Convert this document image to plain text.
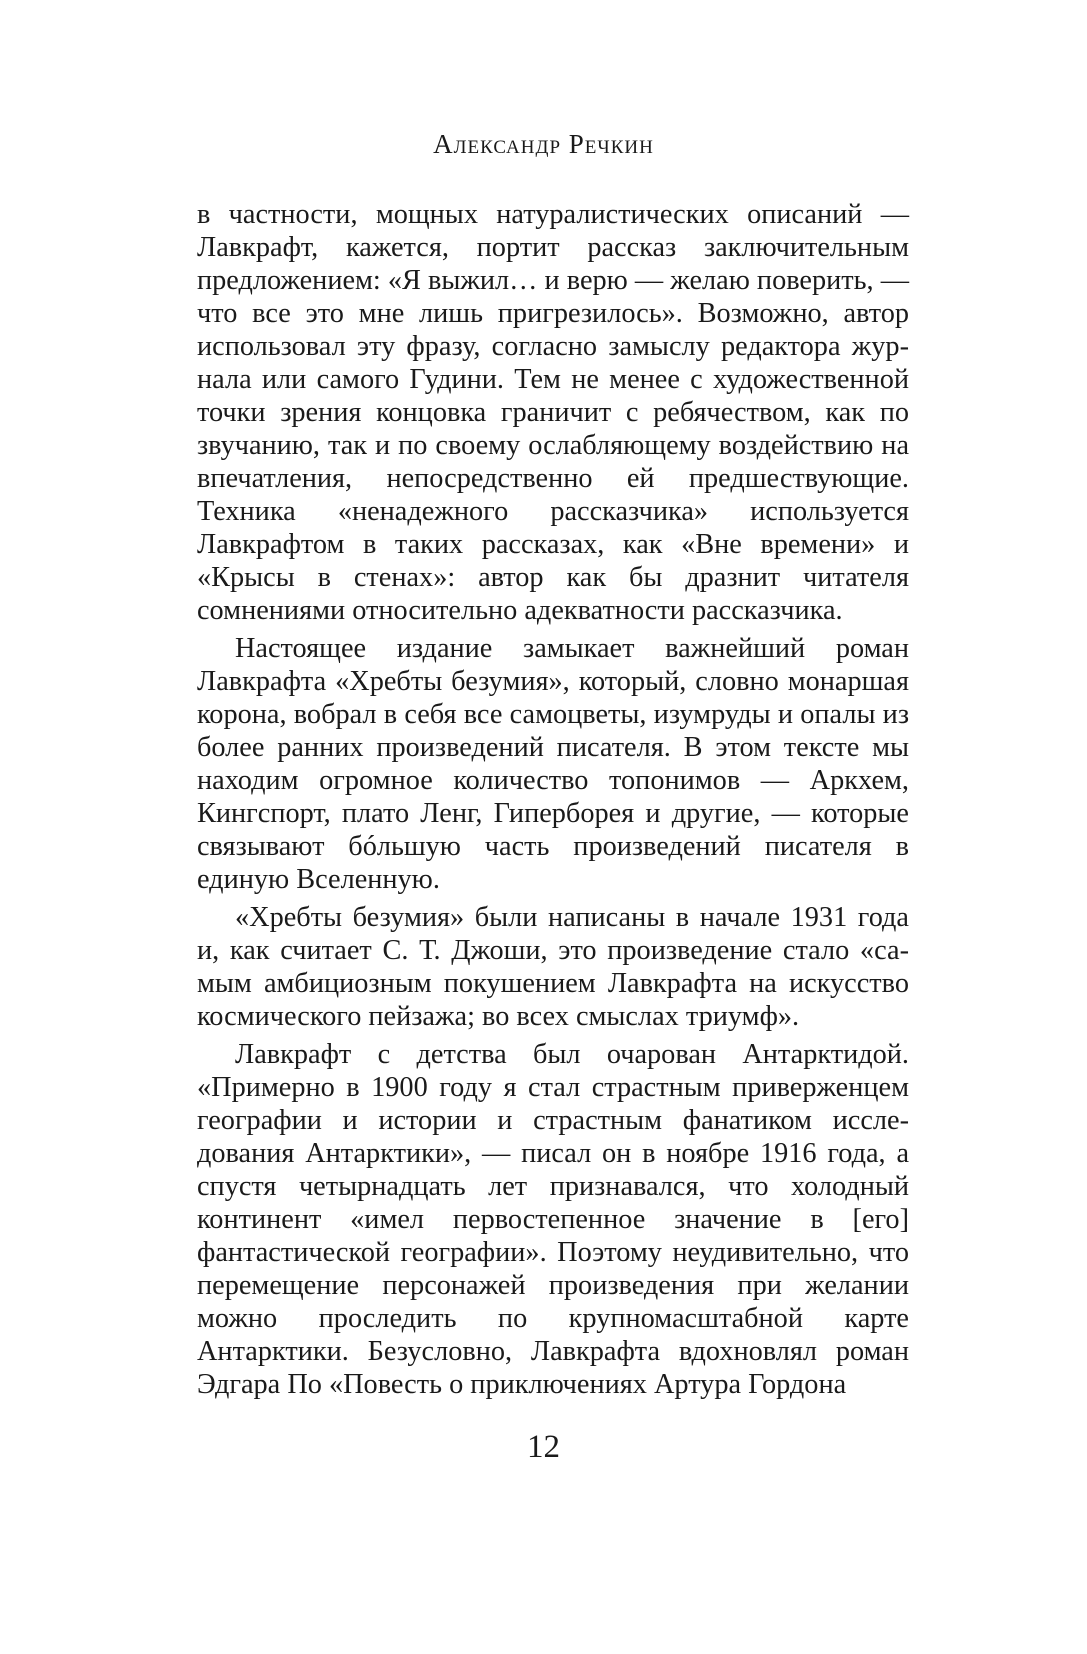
Александр Речкин

в частности, мощных натуралистических описаний — Лавкрафт, кажется, портит рассказ заключительным предложением: «Я выжил… и верю — желаю поверить, — что все это мне лишь пригрезилось». Возможно, автор использовал эту фразу, согласно замыслу редактора журнала или самого Гудини. Тем не менее с художественной точки зрения концовка граничит с ребячеством, как по звучанию, так и по своему ослабляющему воздействию на впечатления, непосредственно ей предшествующие. Техника «ненадежного рассказчика» используется Лавкрафтом в таких рассказах, как «Вне времени» и «Крысы в стенах»: автор как бы дразнит читателя сомнениями относительно адекватности рассказчика.

Настоящее издание замыкает важнейший роман Лавкрафта «Хребты безумия», который, словно монаршая корона, вобрал в себя все самоцветы, изумруды и опалы из более ранних произведений писателя. В этом тексте мы находим огромное количество топонимов — Аркхем, Кингспорт, плато Ленг, Гиперборея и другие, — которые связывают бóльшую часть произведений писателя в единую Вселенную.

«Хребты безумия» были написаны в начале 1931 года и, как считает С. Т. Джоши, это произведение стало «самым амбициозным покушением Лавкрафта на искусство космического пейзажа; во всех смыслах триумф».

Лавкрафт с детства был очарован Антарктидой. «Примерно в 1900 году я стал страстным приверженцем географии и истории и страстным фанатиком исследования Антарктики», — писал он в ноябре 1916 года, а спустя четырнадцать лет признавался, что холодный континент «имел первостепенное значение в [его] фантастической географии». Поэтому неудивительно, что перемещение персонажей произведения при желании можно проследить по крупномасштабной карте Антарктики. Безусловно, Лавкрафта вдохновлял роман Эдгара По «Повесть о приключениях Артура Гордона

12
